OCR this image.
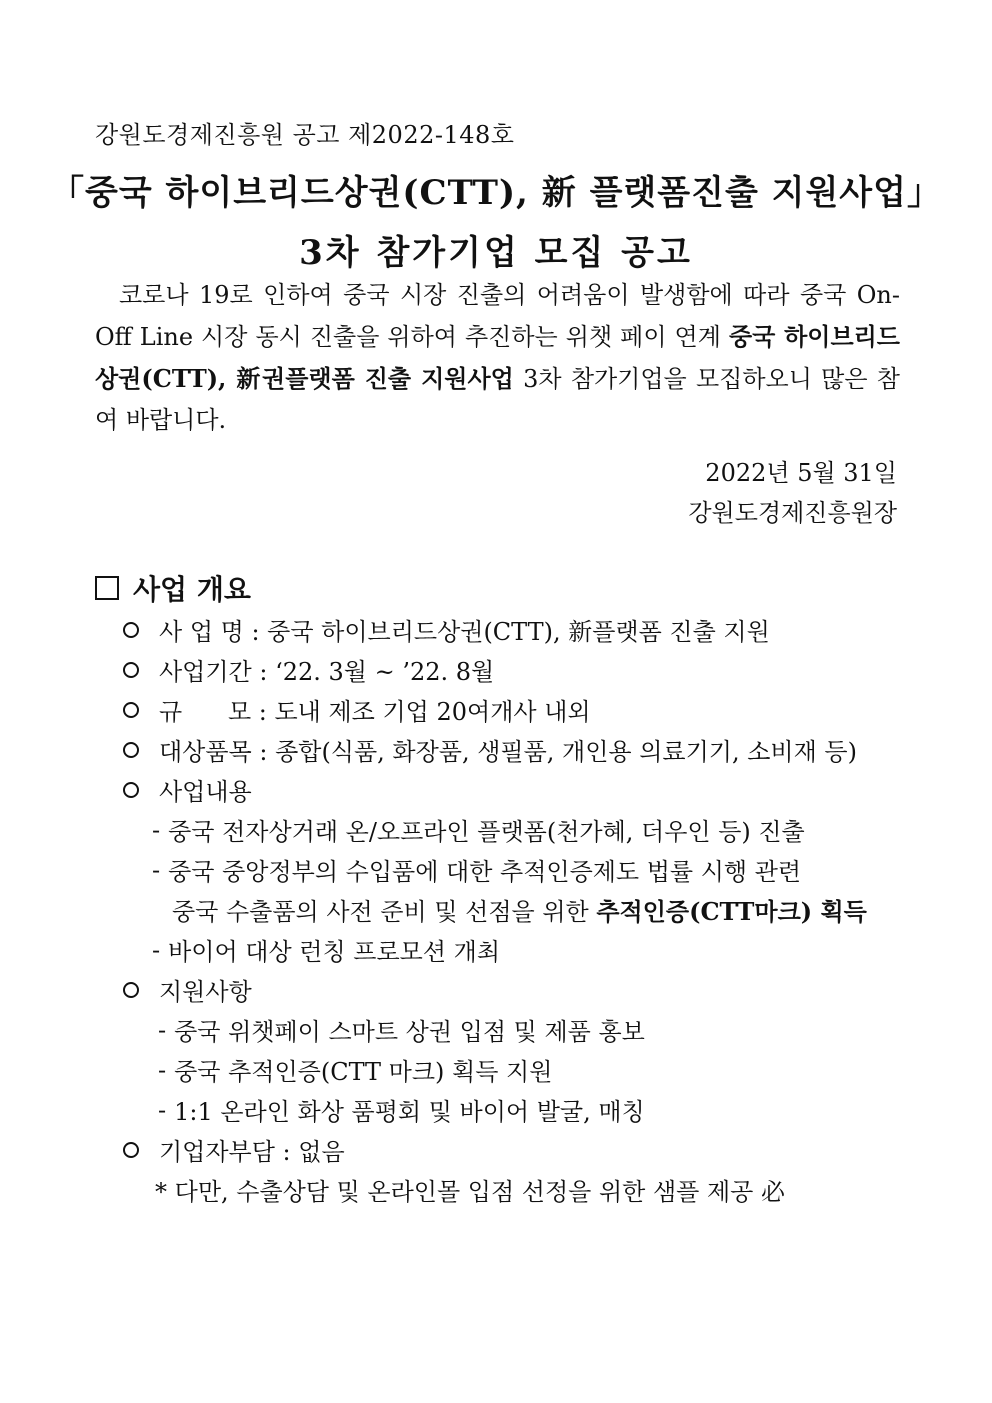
강원도경제진흥원 공고 제2022-148호
「중국 하이브리드상권(CTT), 新 플랫폼진출 지원사업」
3차 참가기업 모집 공고
코로나 19로 인하여 중국 시장 진출의 어려움이 발생함에 따라 중국 On-Off Line 시장 동시 진출을 위하여 추진하는 위챗 페이 연계 중국 하이브리드상권(CTT), 新권플랫폼 진출 지원사업 3차 참가기업을 모집하오니 많은 참여 바랍니다.
2022년 5월 31일
강원도경제진흥원장
사업 개요
사 업 명 : 중국 하이브리드상권(CTT), 新플랫폼 진출 지원
사업기간 : ‘22. 3월 ~ ’22. 8월
규      모 : 도내 제조 기업 20여개사 내외
대상품목 : 종합(식품, 화장품, 생필품, 개인용 의료기기, 소비재 등)
사업내용
- 중국 전자상거래 온/오프라인 플랫폼(천가혜, 더우인 등) 진출
- 중국 중앙정부의 수입품에 대한 추적인증제도 법률 시행 관련
중국 수출품의 사전 준비 및 선점을 위한 추적인증(CTT마크) 획득
- 바이어 대상 런칭 프로모션 개최
지원사항
- 중국 위챗페이 스마트 상권 입점 및 제품 홍보
- 중국 추적인증(CTT 마크) 획득 지원
- 1:1 온라인 화상 품평회 및 바이어 발굴, 매칭
기업자부담 : 없음
* 다만, 수출상담 및 온라인몰 입점 선정을 위한 샘플 제공 必
